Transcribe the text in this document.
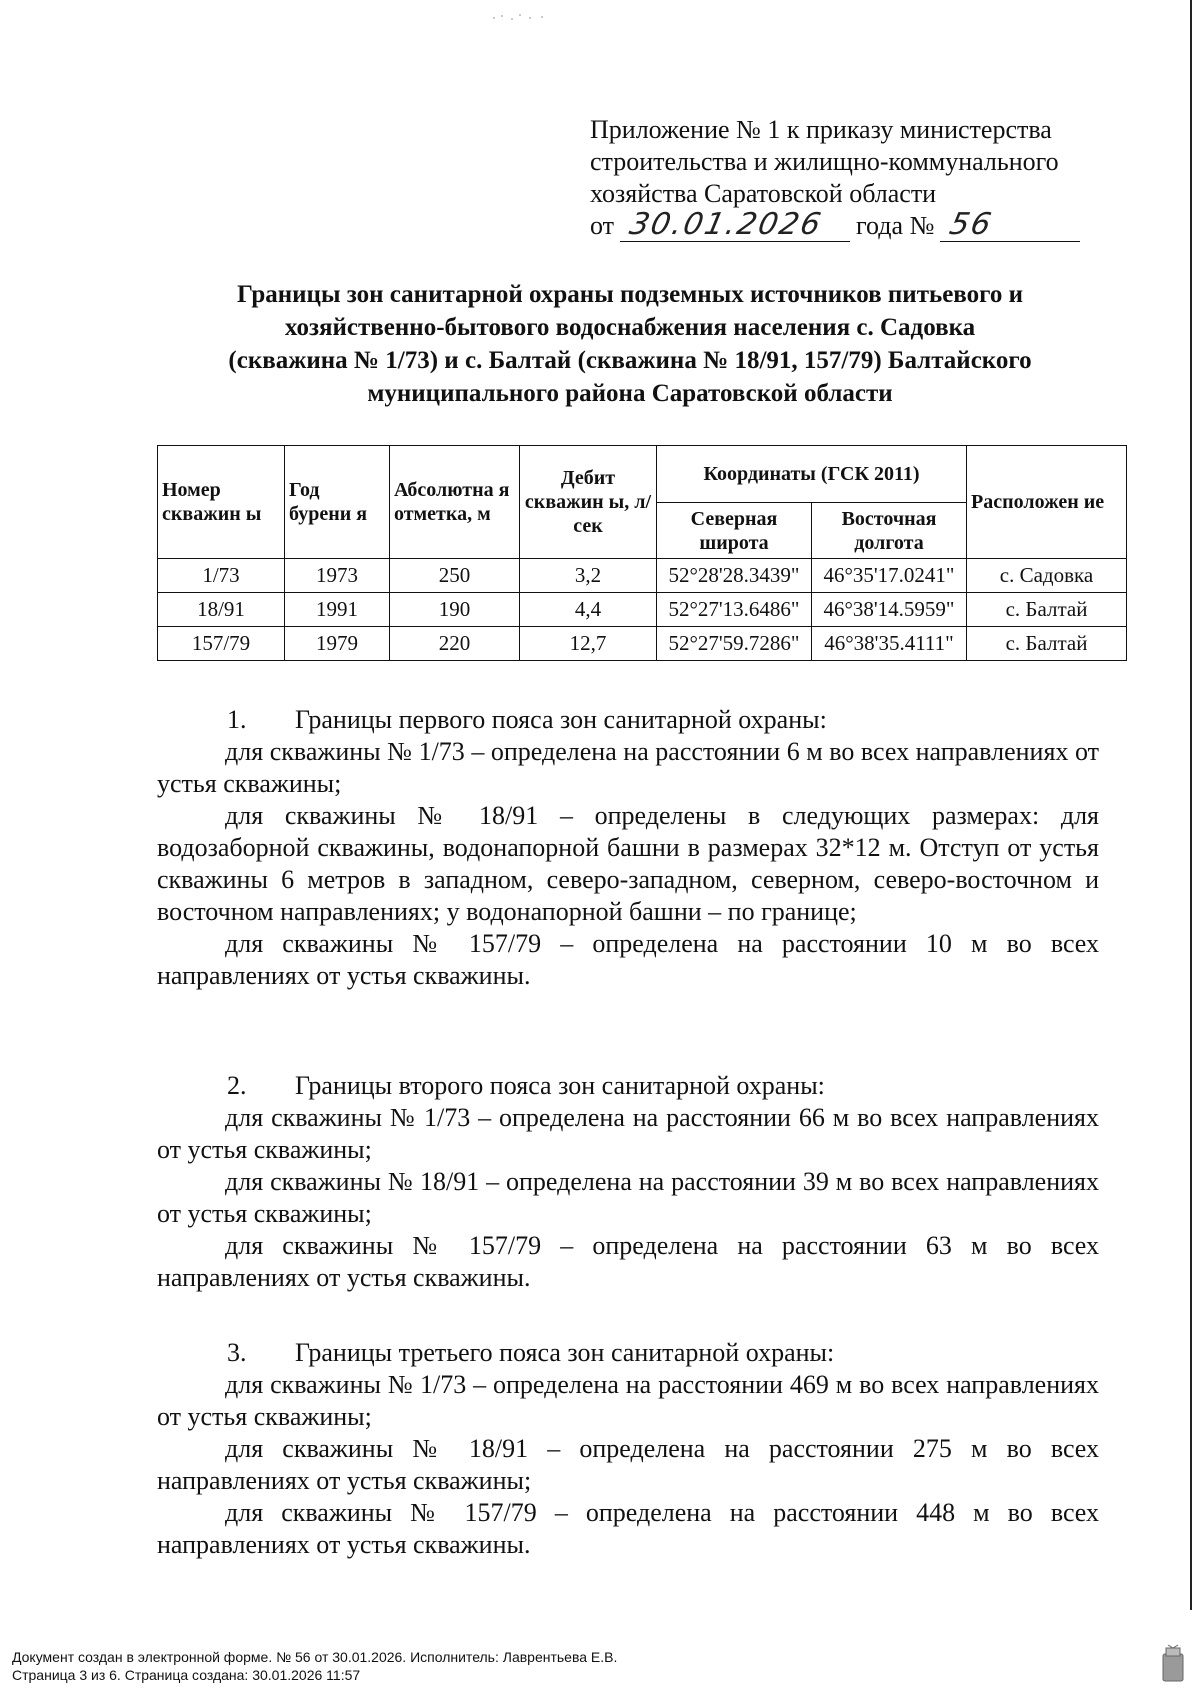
Приложение № 1 к приказу министерства
строительства и жилищно-коммунального
хозяйства Саратовской области
от 30.01.2026 года № 56
Границы зон санитарной охраны подземных источников питьевого и
хозяйственно-бытового водоснабжения населения с. Садовка
(скважина № 1/73) и с. Балтай (скважина № 18/91, 157/79) Балтайского
муниципального района Саратовской области
Номер скважин ы	Год бурени я	Абсолютна я отметка, м	Дебит скважин ы, л/сек	Координаты (ГСК 2011)		Расположен ие
				Северная широта	Восточная долгота	
1/73	1973	250	3,2	52°28'28.3439"	46°35'17.0241"	с. Садовка
18/91	1991	190	4,4	52°27'13.6486"	46°38'14.5959"	с. Балтай
157/79	1979	220	12,7	52°27'59.7286"	46°38'35.4111"	с. Балтай

1. Границы первого пояса зон санитарной охраны:

для скважины № 1/73 – определена на расстоянии 6 м во всех направлениях от устья скважины;

для скважины № 18/91 – определены в следующих размерах: для водозаборной скважины, водонапорной башни в размерах 32*12 м. Отступ от устья скважины 6 метров в западном, северо-западном, северном, северо-восточном и восточном направлениях; у водонапорной башни – по границе;

для скважины № 157/79 – определена на расстоянии 10 м во всех направлениях от устья скважины.

2. Границы второго пояса зон санитарной охраны:

для скважины № 1/73 – определена на расстоянии 66 м во всех направлениях от устья скважины;

для скважины № 18/91 – определена на расстоянии 39 м во всех направлениях от устья скважины;

для скважины № 157/79 – определена на расстоянии 63 м во всех направлениях от устья скважины.

3. Границы третьего пояса зон санитарной охраны:

для скважины № 1/73 – определена на расстоянии 469 м во всех направлениях от устья скважины;

для скважины № 18/91 – определена на расстоянии 275 м во всех направлениях от устья скважины;

для скважины № 157/79 – определена на расстоянии 448 м во всех направлениях от устья скважины.

Документ создан в электронной форме. № 56 от 30.01.2026. Исполнитель: Лаврентьева Е.В.
Страница 3 из 6. Страница создана: 30.01.2026 11:57
